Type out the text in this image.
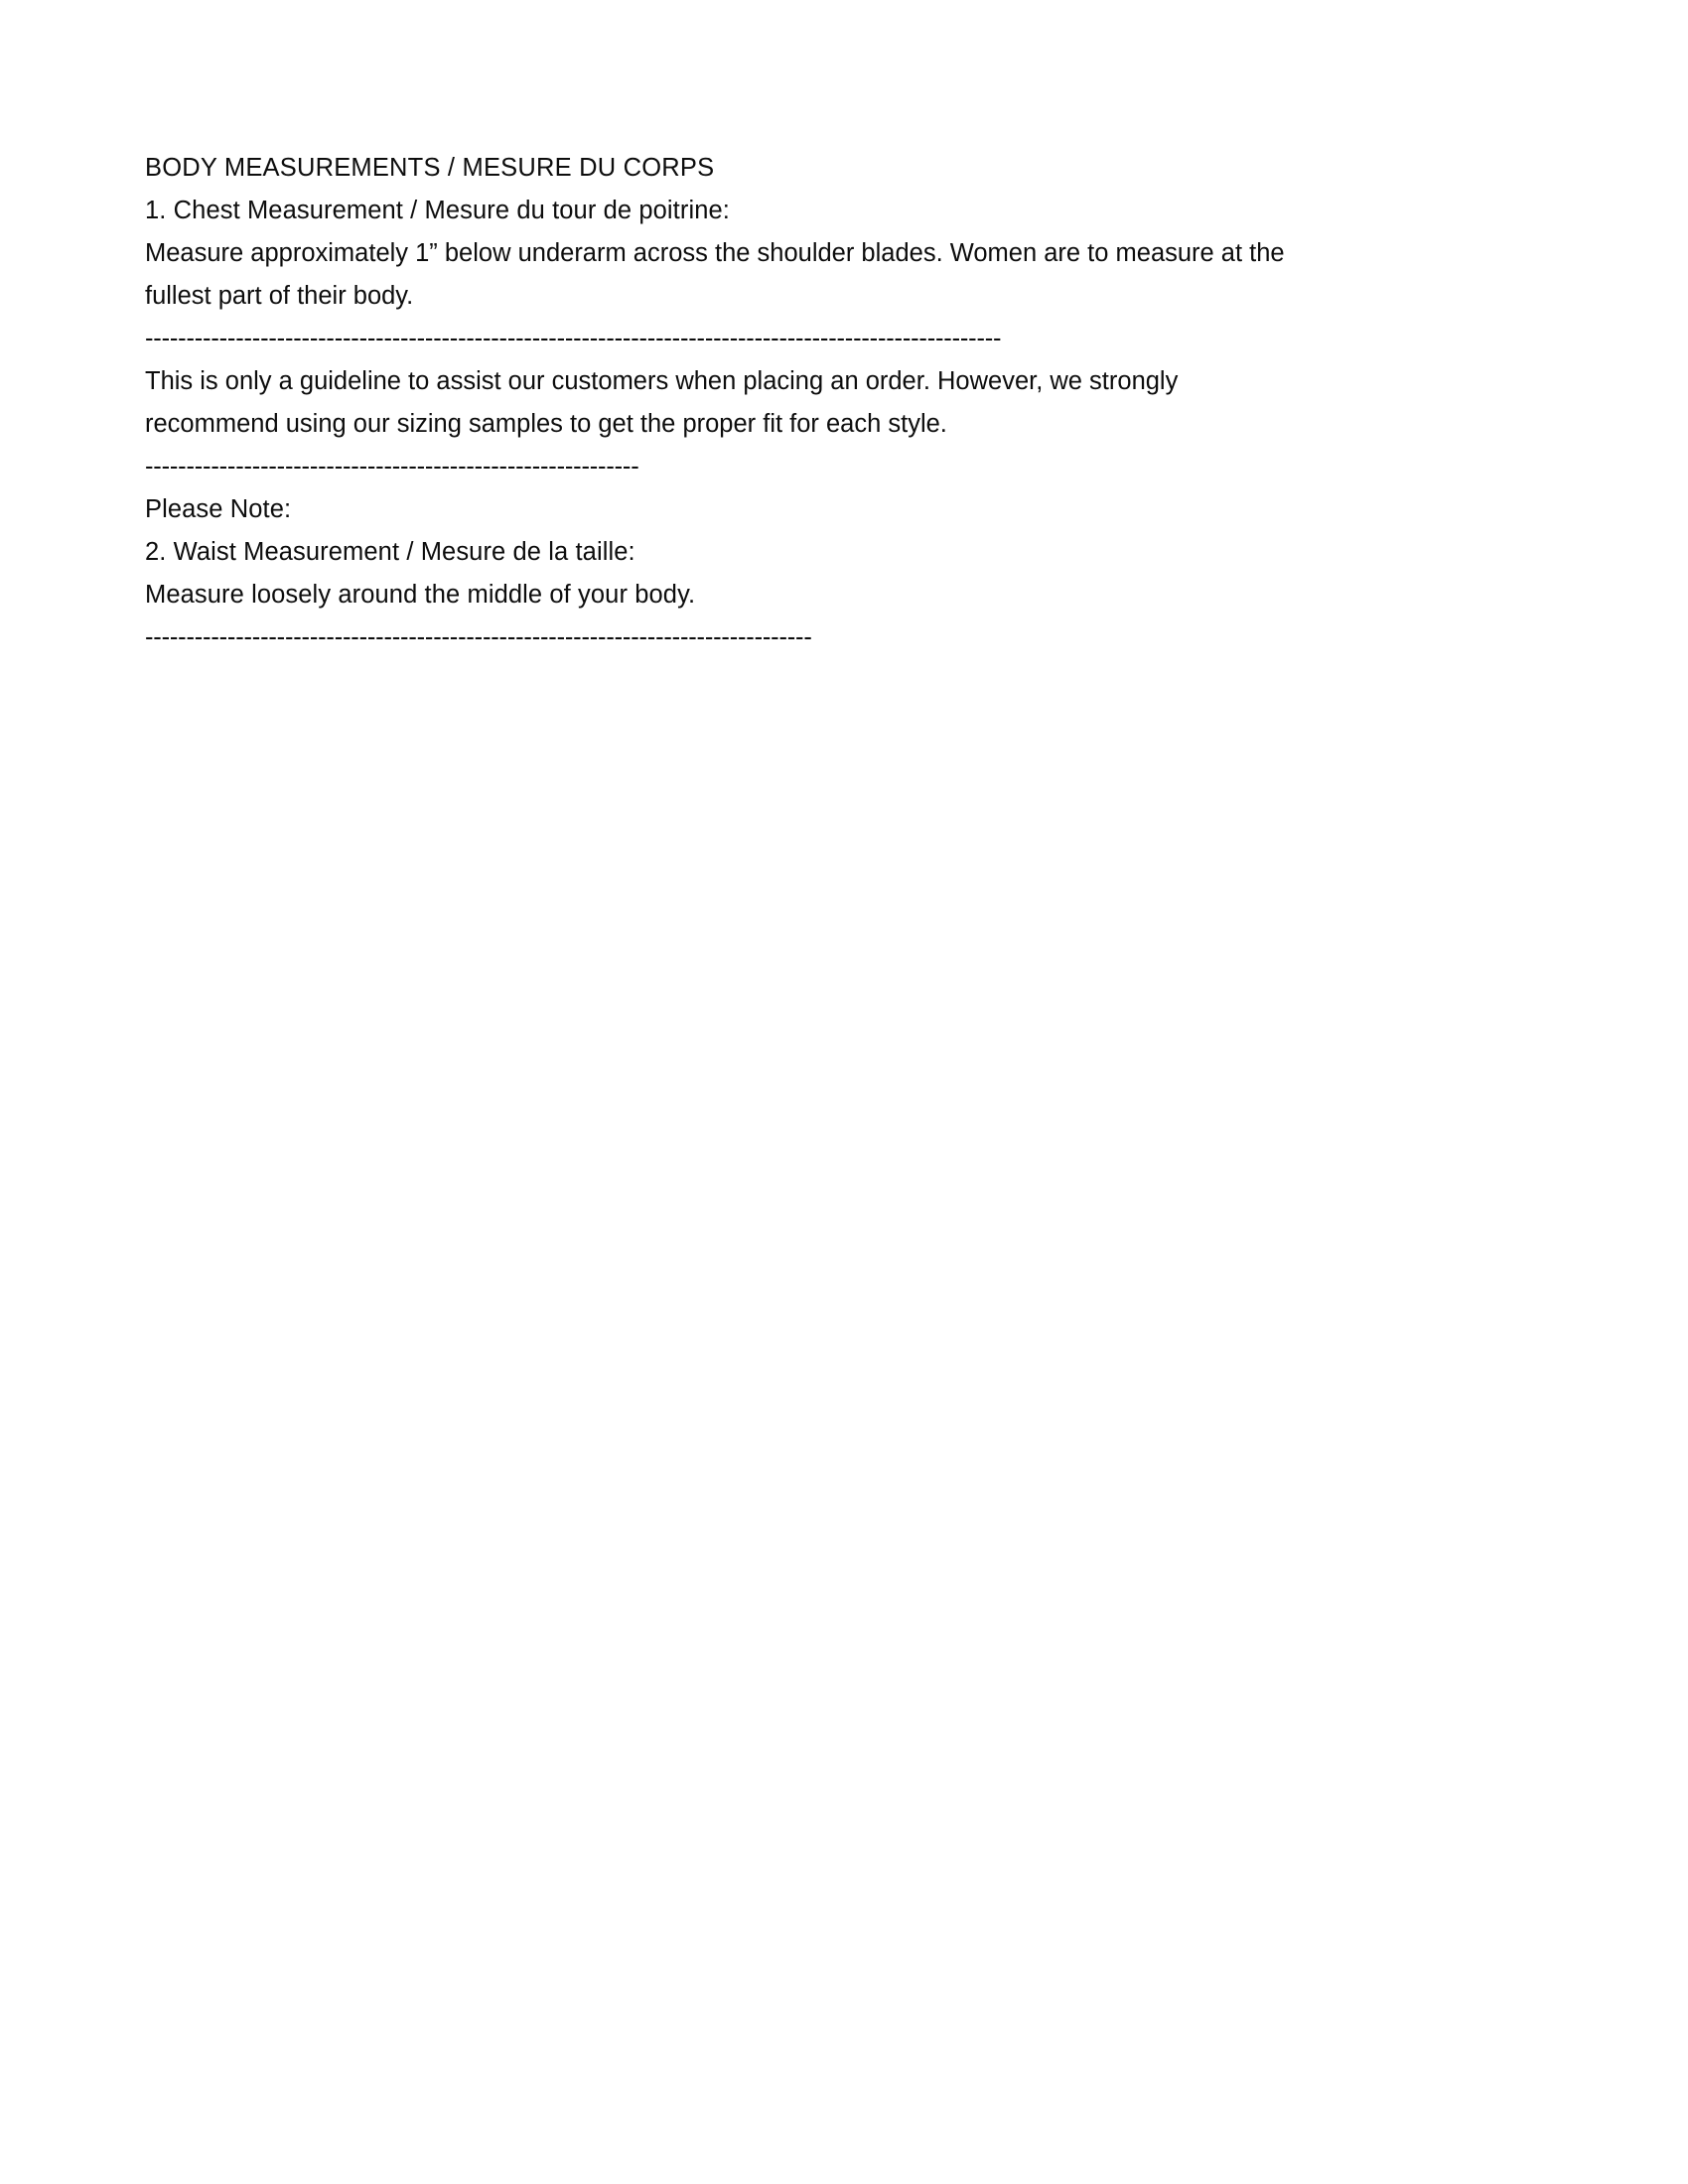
BODY MEASUREMENTS / MESURE DU CORPS
1. Chest Measurement / Mesure du tour de poitrine:
Measure approximately 1” below underarm across the shoulder blades. Women are to measure at the fullest part of their body.
--------------------------------------------------------------------------------------------------------
This is only a guideline to assist our customers when placing an order. However, we strongly recommend using our sizing samples to get the proper fit for each style.
------------------------------------------------------------
Please Note:
2. Waist Measurement / Mesure de la taille:
Measure loosely around the middle of your body.
---------------------------------------------------------------------------------
